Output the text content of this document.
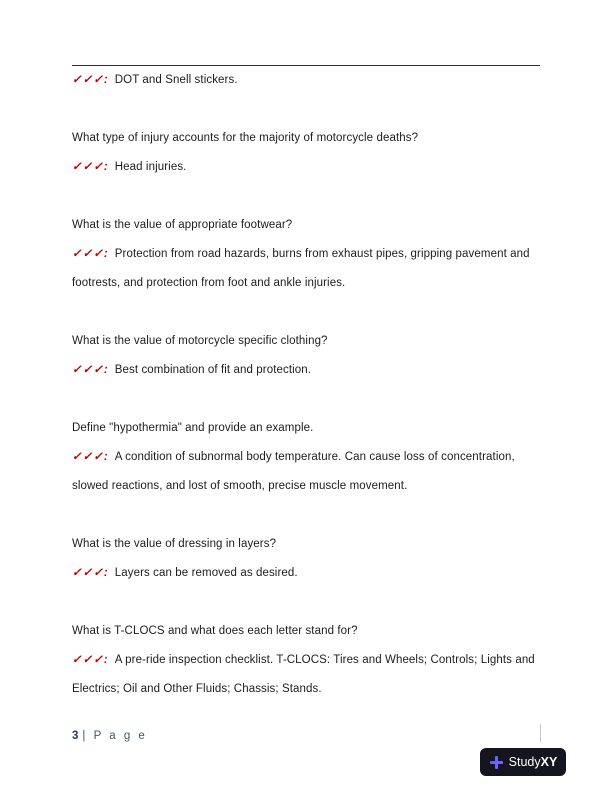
✓✓✓: DOT and Snell stickers.

What type of injury accounts for the majority of motorcycle deaths?

✓✓✓: Head injuries.

What is the value of appropriate footwear?

✓✓✓: Protection from road hazards, burns from exhaust pipes, gripping pavement and footrests, and protection from foot and ankle injuries.

What is the value of motorcycle specific clothing?

✓✓✓: Best combination of fit and protection.

Define "hypothermia" and provide an example.

✓✓✓: A condition of subnormal body temperature. Can cause loss of concentration, slowed reactions, and lost of smooth, precise muscle movement.

What is the value of dressing in layers?

✓✓✓: Layers can be removed as desired.

What is T-CLOCS and what does each letter stand for?

✓✓✓: A pre-ride inspection checklist. T-CLOCS: Tires and Wheels; Controls; Lights and Electrics; Oil and Other Fluids; Chassis; Stands.

3 | P a g e
StudyXY
